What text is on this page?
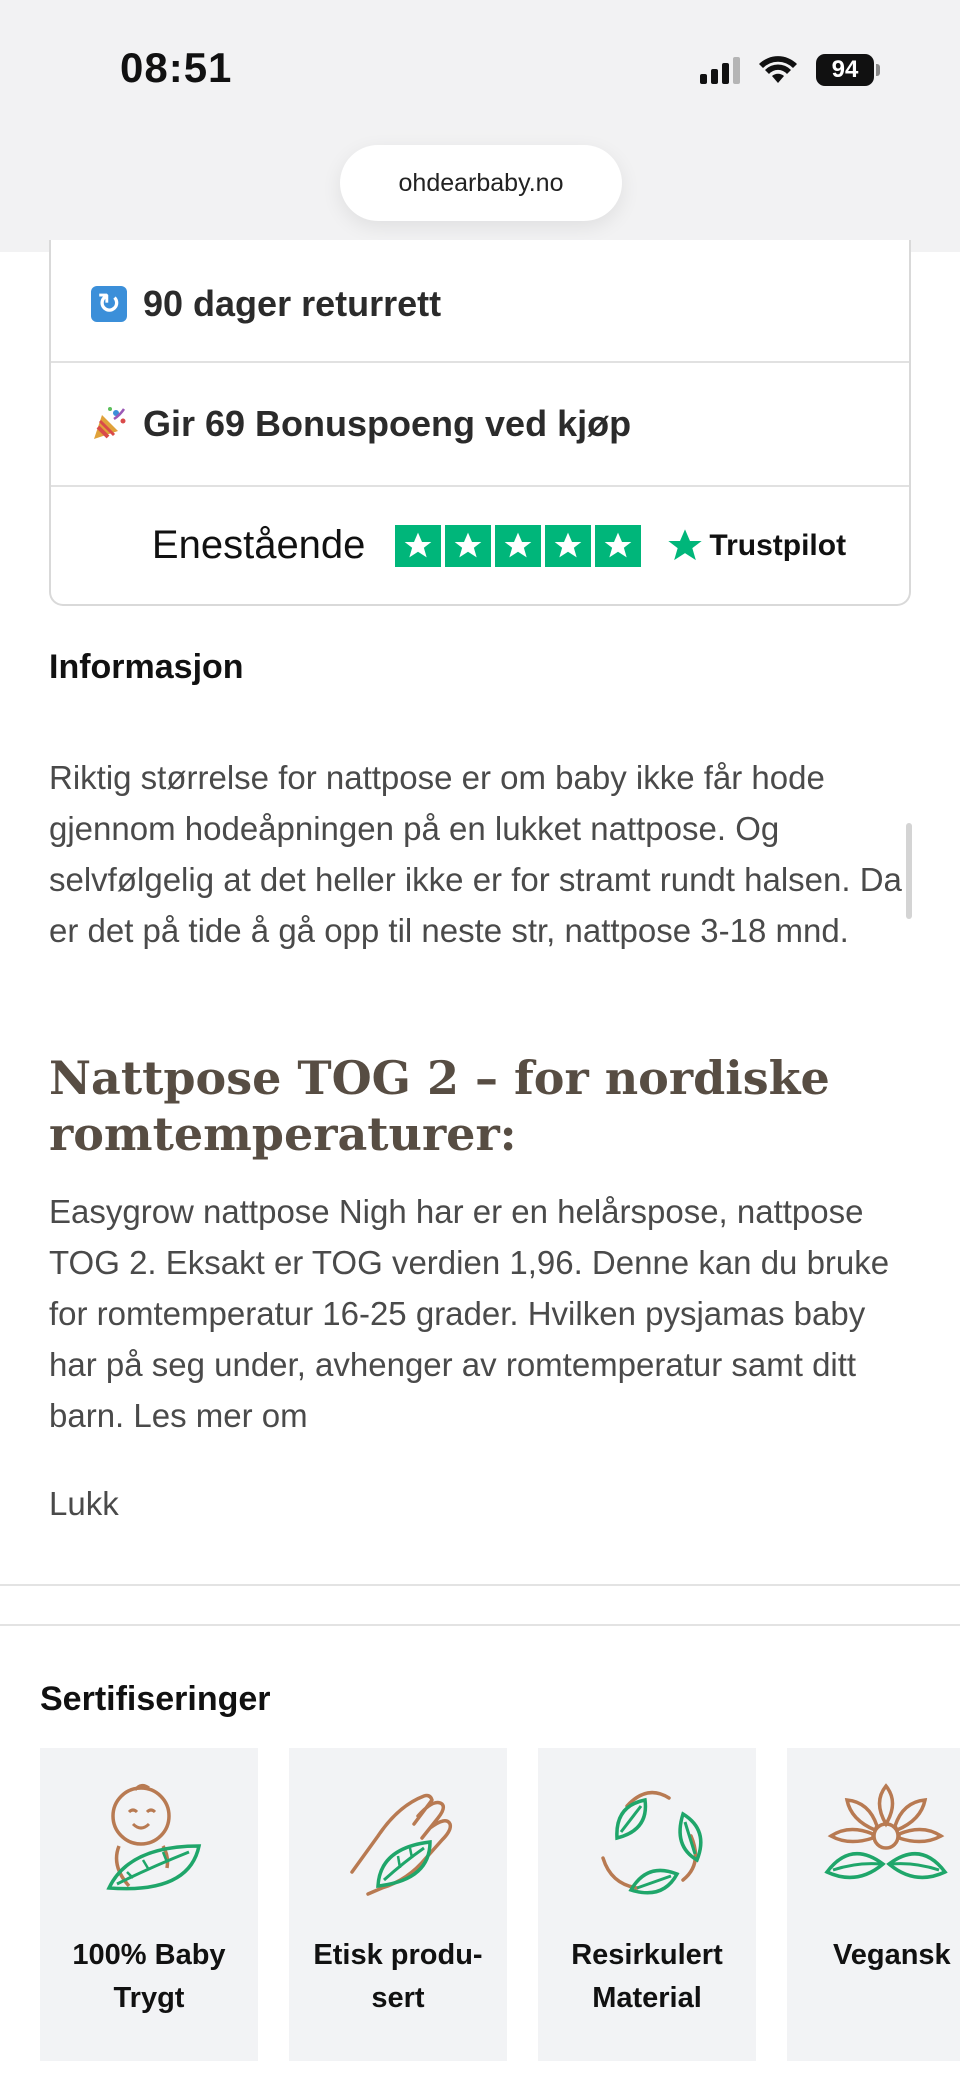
08:51	94
ohdearbaby.no
↻ 90 dager returrett
Gir 69 Bonuspoeng ved kjøp
Enestående	Trustpilot
Informasjon

Riktig størrelse for nattpose er om baby ikke får hode gjennom hodeåpningen på en lukket nattpose. Og selvfølgelig at det heller ikke er for stramt rundt halsen. Da er det på tide å gå opp til neste str, nattpose 3-18 mnd.

Nattpose TOG 2 – for nordiske romtemperaturer:

Easygrow nattpose Nigh har er en helårspose, nattpose TOG 2. Eksakt er TOG verdien 1,96. Denne kan du bruke for romtemperatur 16-25 grader. Hvilken pysjamas baby har på seg under, avhenger av romtemperatur samt ditt barn. Les mer om

Lukk
Sertifiseringer
100% Baby Trygt
Etisk produ-sert
Resirkulert Material
Vegansk
